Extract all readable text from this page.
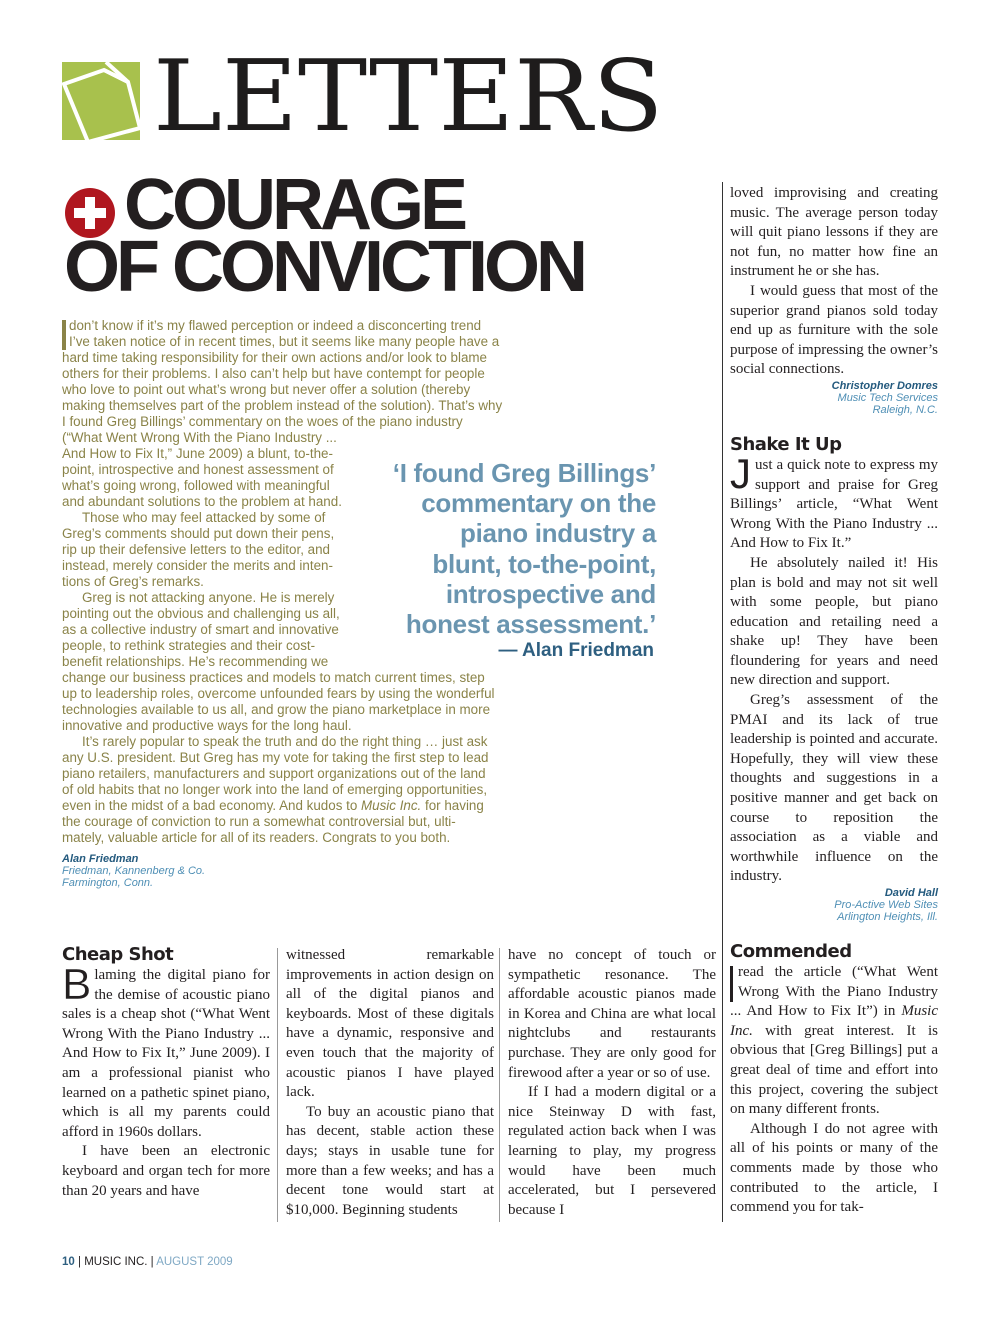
LETTERS
COURAGE
OF CONVICTION
don’t know if it’s my flawed perception or indeed a disconcerting trend
I’ve taken notice of in recent times, but it seems like many people have a
hard time taking responsibility for their own actions and/or look to blame
others for their problems. I also can’t help but have contempt for people
who love to point out what’s wrong but never offer a solution (thereby
making themselves part of the problem instead of the solution). That’s why
I found Greg Billings’ commentary on the woes of the piano industry
(“What Went Wrong With the Piano Industry ...
And How to Fix It,” June 2009) a blunt, to-the-
point, introspective and honest assessment of
what’s going wrong, followed with meaningful
and abundant solutions to the problem at hand.
Those who may feel attacked by some of
Greg’s comments should put down their pens,
rip up their defensive letters to the editor, and
instead, merely consider the merits and inten-
tions of Greg’s remarks.
Greg is not attacking anyone. He is merely
pointing out the obvious and challenging us all,
as a collective industry of smart and innovative
people, to rethink strategies and their cost-
benefit relationships. He’s recommending we
change our business practices and models to match current times, step
up to leadership roles, overcome unfounded fears by using the wonderful
technologies available to us all, and grow the piano marketplace in more
innovative and productive ways for the long haul.
It’s rarely popular to speak the truth and do the right thing … just ask
any U.S. president. But Greg has my vote for taking the first step to lead
piano retailers, manufacturers and support organizations out of the land
of old habits that no longer work into the land of emerging opportunities,
even in the midst of a bad economy. And kudos to Music Inc. for having
the courage of conviction to run a somewhat controversial but, ulti-
mately, valuable article for all of its readers. Congrats to you both.
Alan Friedman
Friedman, Kannenberg & Co.
Farmington, Conn.
‘I found Greg Billings’
commentary on the
piano industry a
blunt, to-the-point,
introspective and
honest assessment.’
— Alan Friedman
loved improvising and creating music. The average person today will quit piano lessons if they are not fun, no matter how fine an instrument he or she has.
I would guess that most of the superior grand pianos sold today end up as furniture with the sole purpose of impressing the owner’s social connections.
Christopher Domres
Music Tech Services
Raleigh, N.C.
Shake It Up
Just a quick note to express my support and praise for Greg Billings’ article, “What Went Wrong With the Piano Industry ... And How to Fix It.”
He absolutely nailed it! His plan is bold and may not sit well with some people, but piano education and retailing need a shake up! They have been floundering for years and need new direction and support.
Greg’s assessment of the PMAI and its lack of true leadership is pointed and accurate. Hopefully, they will view these thoughts and suggestions in a positive manner and get back on course to reposition the association as a viable and worthwhile influence on the industry.
David Hall
Pro-Active Web Sites
Arlington Heights, Ill.
Commended
read the article (“What Went Wrong With the Piano Industry ... And How to Fix It”) in Music Inc. with great interest. It is obvious that [Greg Billings] put a great deal of time and effort into this project, covering the subject on many different fronts.
Although I do not agree with all of his points or many of the comments made by those who contributed to the article, I commend you for tak-
Cheap Shot
Blaming the digital piano for the demise of acoustic piano sales is a cheap shot (“What Went Wrong With the Piano Industry ... And How to Fix It,” June 2009). I am a professional pianist who learned on a pathetic spinet piano, which is all my parents could afford in 1960s dollars.
I have been an electronic keyboard and organ tech for more than 20 years and have
witnessed remarkable improvements in action design on all of the digital pianos and keyboards. Most of these digitals have a dynamic, responsive and even touch that the majority of acoustic pianos I have played lack.
To buy an acoustic piano that has decent, stable action these days; stays in usable tune for more than a few weeks; and has a decent tone would start at $10,000. Beginning students
have no concept of touch or sympathetic resonance. The affordable acoustic pianos made in Korea and China are what local nightclubs and restaurants purchase. They are only good for firewood after a year or so of use.
If I had a modern digital or a nice Steinway D with fast, regulated action back when I was learning to play, my progress would have been much accelerated, but I persevered because I
10 | MUSIC INC. | AUGUST 2009
